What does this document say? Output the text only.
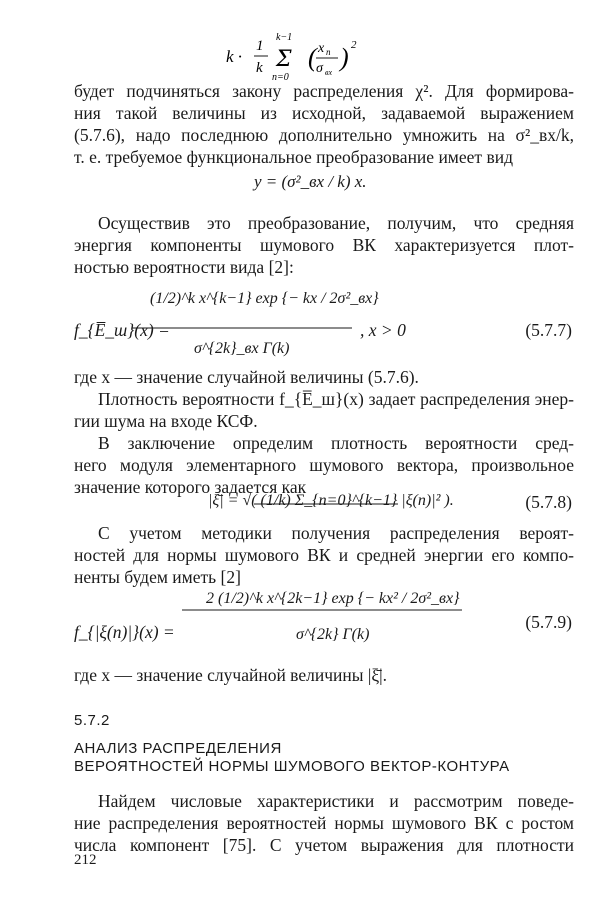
k ·
1
k
k−1
Σ
n=0
( x n
σ вх
) 2
будет подчиняться закону распределения χ². Для формирова-
ния такой величины из исходной, задаваемой выражением
(5.7.6), надо последнюю дополнительно умножить на σ²_вх/k,
т. е. требуемое функциональное преобразование имеет вид
y = (σ²_вх / k) x.
Осуществив это преобразование, получим, что средняя
энергия компоненты шумового ВК характеризуется плот-
ностью вероятности вида [2]:
f_{E̅_ш}(x) =
(1/2)^k x^{k−1} exp {− kx / 2σ²_вх}
σ^{2k}_вх Γ(k)
, x > 0	(5.7.7)
где x — значение случайной величины (5.7.6).
Плотность вероятности f_{E̅_ш}(x) задает распределения энер-
гии шума на входе КСФ.
В заключение определим плотность вероятности сред-
него модуля элементарного шумового вектора, произвольное
значение которого задается как
|ξ̄| = √( (1/k) Σ_{n=0}^{k−1} |ξ(n)|² ).	(5.7.8)
С учетом методики получения распределения вероят-
ностей для нормы шумового ВК и средней энергии его компо-
ненты будем иметь [2]
f_{|ξ(n)|}(x) =
2 (1/2)^k x^{2k−1} exp {− kx² / 2σ²_вх}
σ^{2k} Γ(k)
(5.7.9)
где x — значение случайной величины |ξ̄|.
5.7.2
АНАЛИЗ РАСПРЕДЕЛЕНИЯ
ВЕРОЯТНОСТЕЙ НОРМЫ ШУМОВОГО ВЕКТОР-КОНТУРА
Найдем числовые характеристики и рассмотрим поведе-
ние распределения вероятностей нормы шумового ВК с ростом
числа компонент [75]. С учетом выражения для плотности
212
